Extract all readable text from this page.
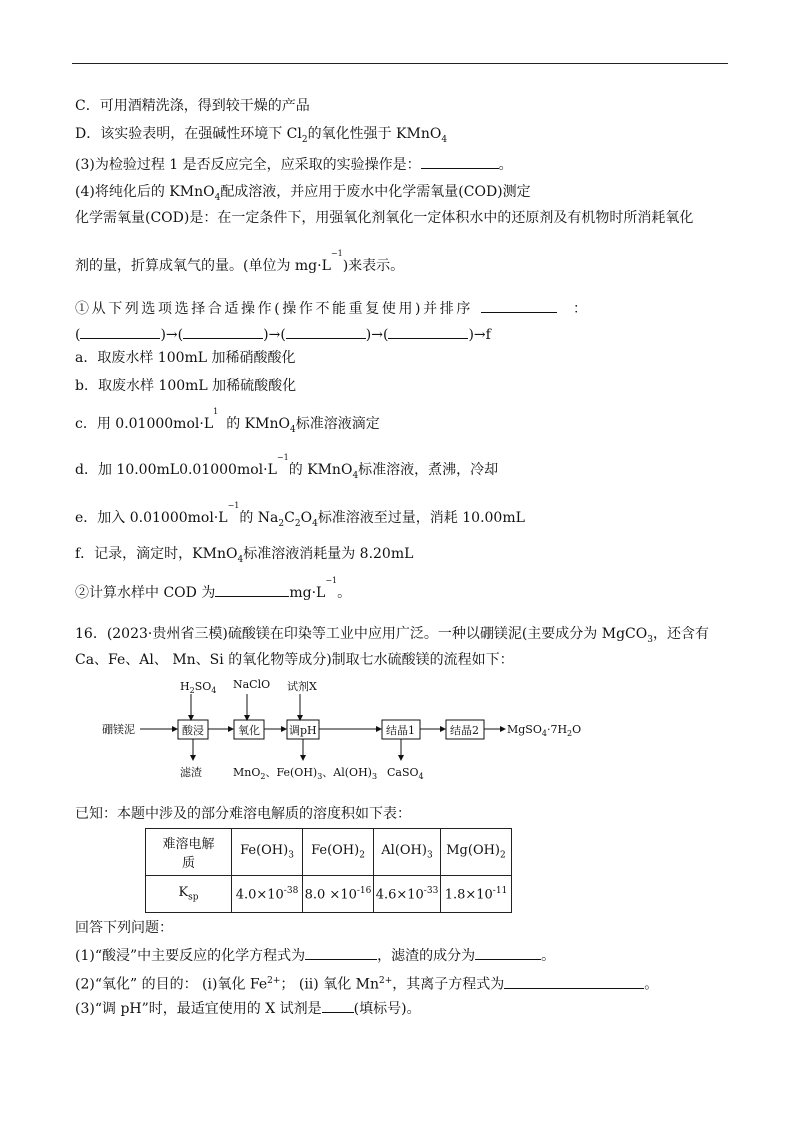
C．可用酒精洗涤，得到较干燥的产品
D．该实验表明，在强碱性环境下 $Cl_2$的氧化性强于 KMnO$_4$
(3)为检验过程 1 是否反应完全，应采取的实验操作是：	。
(4)将纯化后的 KMnO$_4$配成溶液，并应用于废水中化学需氧量(COD)测定
化学需氧量(COD)是：在一定条件下，用强氧化剂氧化一定体积水中的还原剂及有机物时所消耗氧化
剂的量，折算成氧气的量。(单位为 $mg\cdot L^{-1}$)来表示。
①从下列选项选择合适操作(操作不能重复使用)并排序	：
(	)→(	)→(	)→(	)→f
a．取废水样 100mL 加稀硝酸酸化
b．取废水样 100mL 加稀硫酸酸化
c．用 $0.01000mol\cdot L^1$的 KMnO$_4$标准溶液滴定
d．加 $10.00mL0.01000mol\cdot L^{-1}$的 KMnO$_4$标准溶液，煮沸，冷却
e．加入 $0.01000mol\cdot L^{-1}$的 $Na_2C_2O_4$标准溶液至过量，消耗 10.00mL
f．记录，滴定时，KMnO$_4$标准溶液消耗量为 8.20mL
②计算水样中 COD 为	$mg\cdot L^{-1}$。
16．(2023·贵州省三模)硫酸镁在印染等工业中应用广泛。一种以硼镁泥(主要成分为 MgCO$_3$，还含有
Ca、Fe、Al、 Mn、Si 的氧化物等成分)制取七水硫酸镁的流程如下：
$H_2SO_4$ NaClO 试剂X
硼镁泥	酸浸	氧化	调pH	结晶1	结晶2	$MgSO_4\cdot 7H_2O$
滤渣	MnO$_2$、$Fe(OH)_3$、$Al(OH)_3$ CaSO$_4$
已知：本题中涉及的部分难溶电解质的溶度积如下表：
难溶电解
质	$Fe(OH)_3$	$Fe(OH)_2$	$Al(OH)_3$	$Mg(OH)_2$
$K_{sp}$	$4.0\times 10^{-38}$	$8.0 \times 10^{-16}$	$4.6\times 10^{-33}$	$1.8\times 10^{-11}$
回答下列问题：
(1)“酸浸”中主要反应的化学方程式为	，滤渣的成分为	。
(2)“氧化” 的目的： (i)氧化 $Fe^{2+}$； (ii) 氧化 $Mn^{2+}$，其离子方程式为	。
(3)“调 pH”时，最适宜使用的 X 试剂是 (填标号)。
